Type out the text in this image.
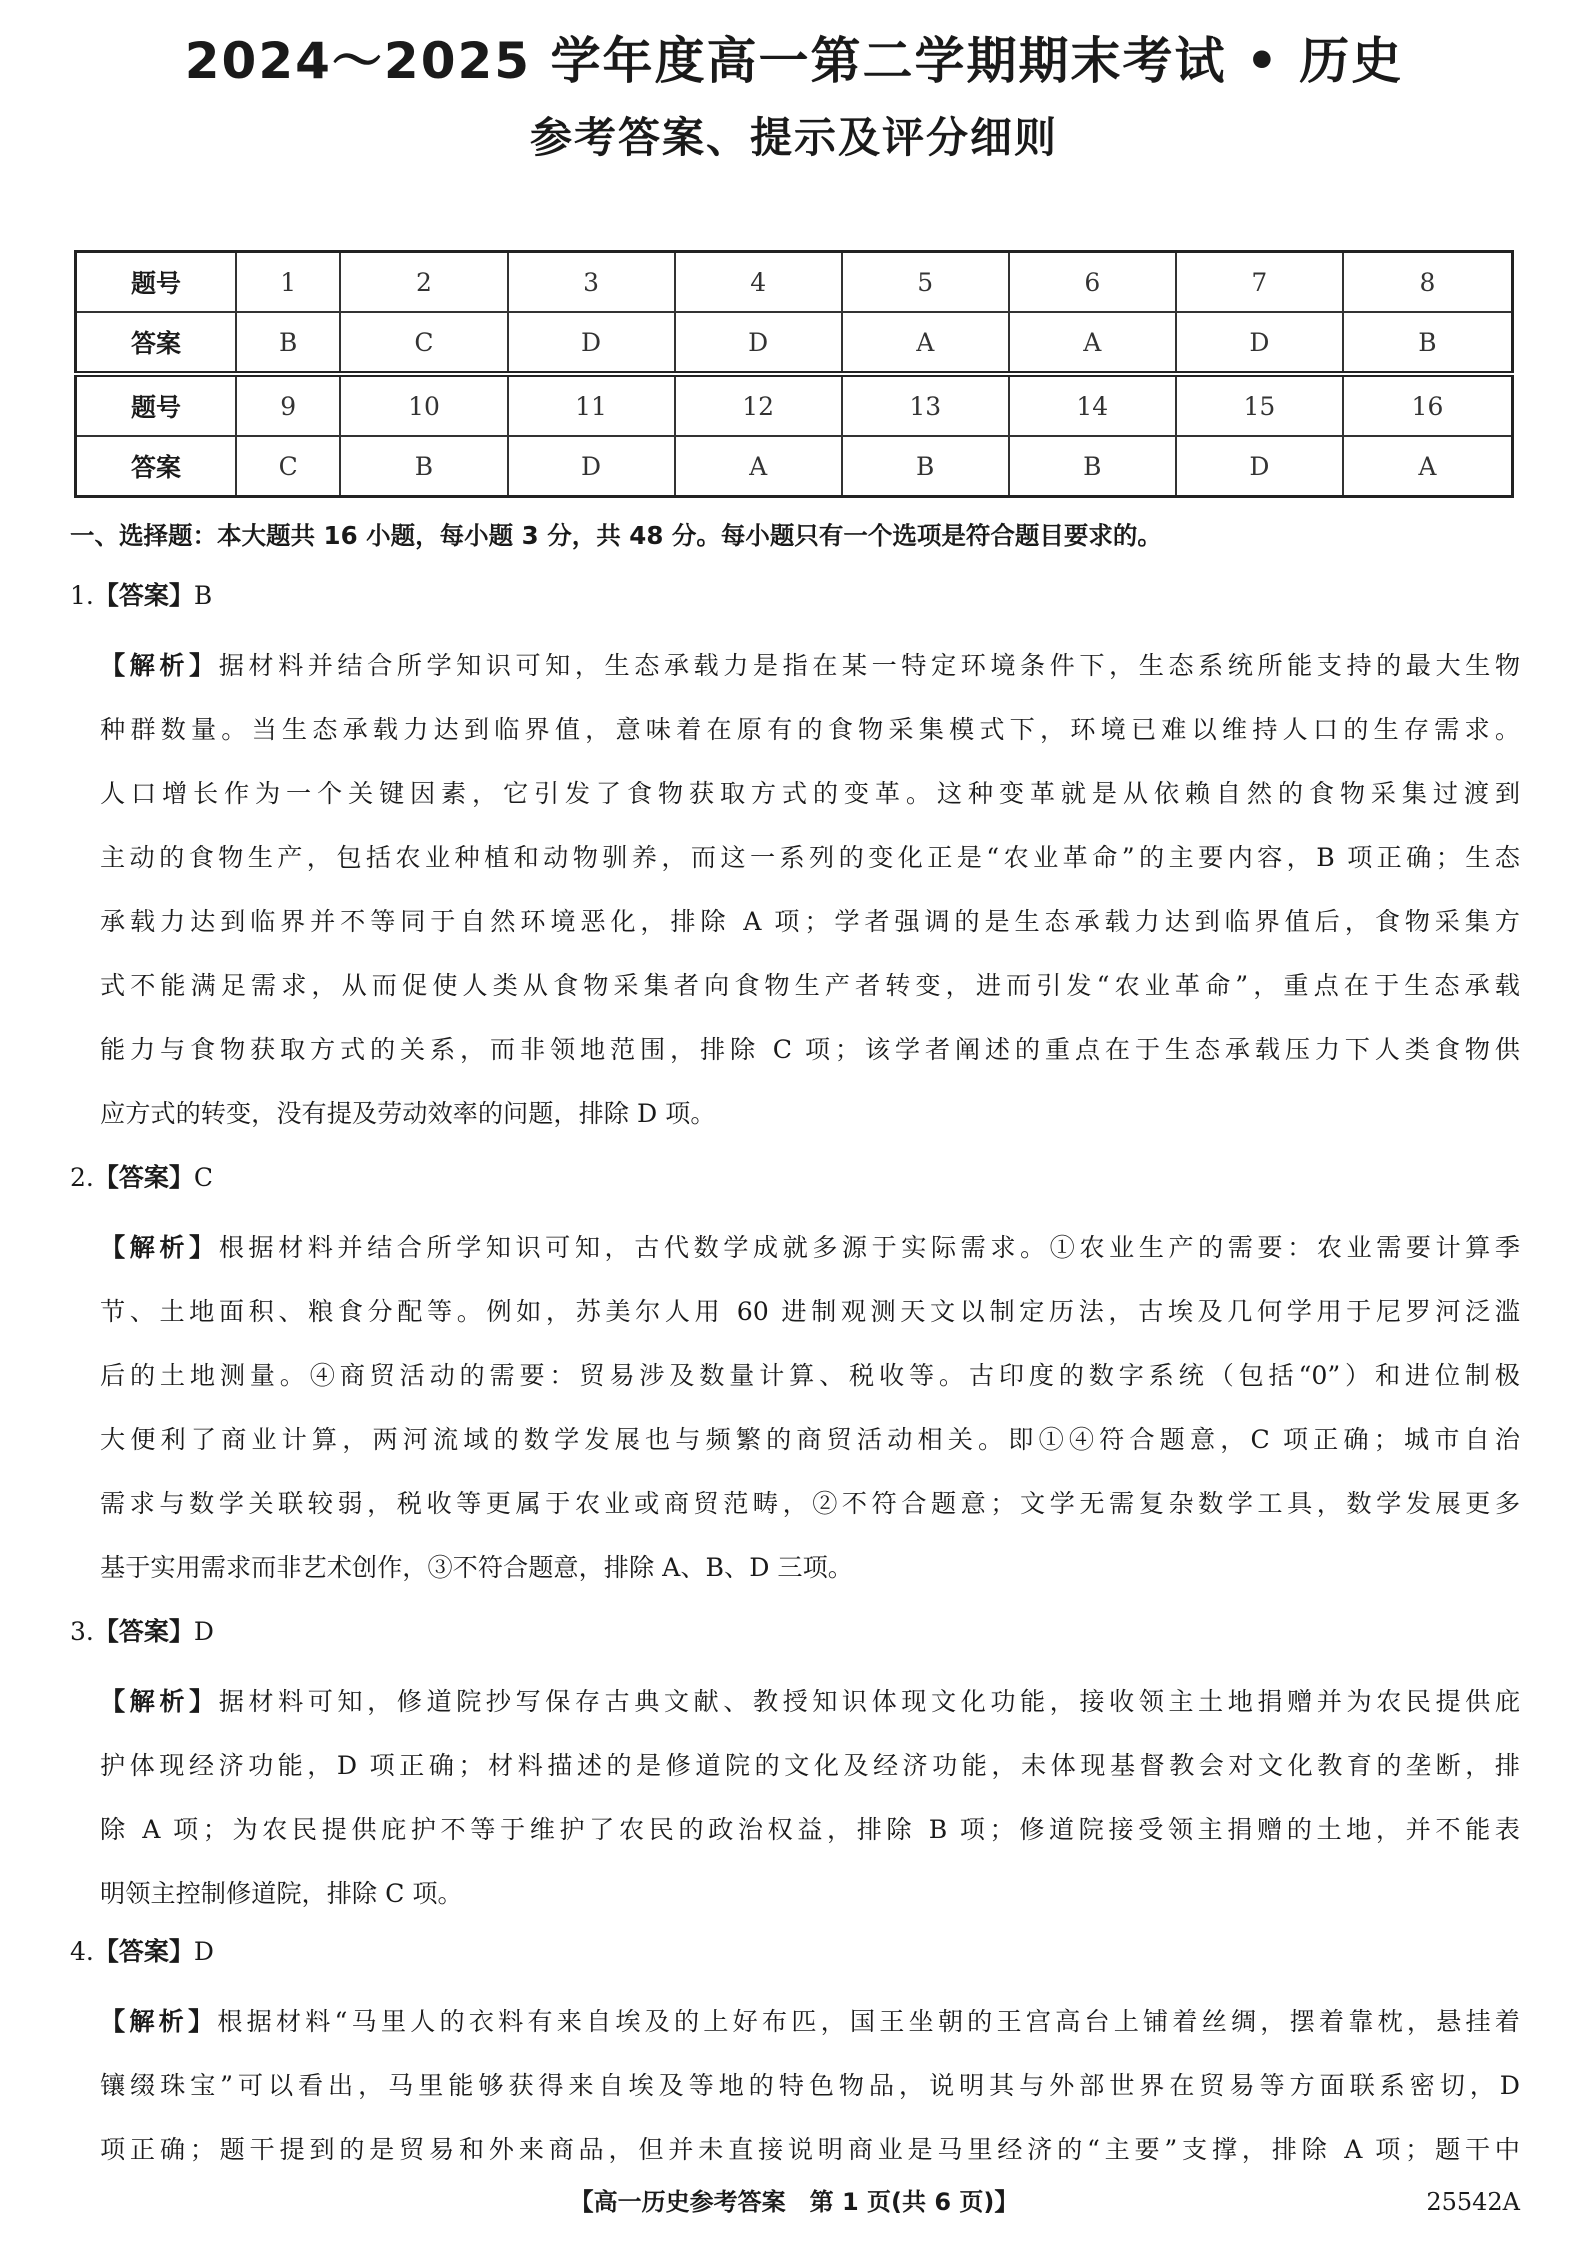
2024～2025 学年度高一第二学期期末考试 • 历史
参考答案、提示及评分细则
题号	1	2	3	4	5	6	7	8
答案	B	C	D	D	A	A	D	B
题号	9	10	11	12	13	14	15	16
答案	C	B	D	A	B	B	D	A
一、选择题：本大题共 16 小题，每小题 3 分，共 48 分。每小题只有一个选项是符合题目要求的。
1.【答案】B
【解析】据材料并结合所学知识可知，生态承载力是指在某一特定环境条件下，生态系统所能支持的最大生物
种群数量。当生态承载力达到临界值，意味着在原有的食物采集模式下，环境已难以维持人口的生存需求。
人口增长作为一个关键因素，它引发了食物获取方式的变革。这种变革就是从依赖自然的食物采集过渡到
主动的食物生产，包括农业种植和动物驯养，而这一系列的变化正是“农业革命”的主要内容，B 项正确；生态
承载力达到临界并不等同于自然环境恶化，排除 A 项；学者强调的是生态承载力达到临界值后，食物采集方
式不能满足需求，从而促使人类从食物采集者向食物生产者转变，进而引发“农业革命”，重点在于生态承载
能力与食物获取方式的关系，而非领地范围，排除 C 项；该学者阐述的重点在于生态承载压力下人类食物供
应方式的转变，没有提及劳动效率的问题，排除 D 项。
2.【答案】C
【解析】根据材料并结合所学知识可知，古代数学成就多源于实际需求。①农业生产的需要：农业需要计算季
节、土地面积、粮食分配等。例如，苏美尔人用 60 进制观测天文以制定历法，古埃及几何学用于尼罗河泛滥
后的土地测量。④商贸活动的需要：贸易涉及数量计算、税收等。古印度的数字系统（包括“0”）和进位制极
大便利了商业计算，两河流域的数学发展也与频繁的商贸活动相关。即①④符合题意，C 项正确；城市自治
需求与数学关联较弱，税收等更属于农业或商贸范畴，②不符合题意；文学无需复杂数学工具，数学发展更多
基于实用需求而非艺术创作，③不符合题意，排除 A、B、D 三项。
3.【答案】D
【解析】据材料可知，修道院抄写保存古典文献、教授知识体现文化功能，接收领主土地捐赠并为农民提供庇
护体现经济功能，D 项正确；材料描述的是修道院的文化及经济功能，未体现基督教会对文化教育的垄断，排
除 A 项；为农民提供庇护不等于维护了农民的政治权益，排除 B 项；修道院接受领主捐赠的土地，并不能表
明领主控制修道院，排除 C 项。
4.【答案】D
【解析】根据材料“马里人的衣料有来自埃及的上好布匹，国王坐朝的王宫高台上铺着丝绸，摆着靠枕，悬挂着
镶缀珠宝”可以看出，马里能够获得来自埃及等地的特色物品，说明其与外部世界在贸易等方面联系密切，D
项正确；题干提到的是贸易和外来商品，但并未直接说明商业是马里经济的“主要”支撑，排除 A 项；题干中
【高一历史参考答案　第 1 页(共 6 页)】	25542A
